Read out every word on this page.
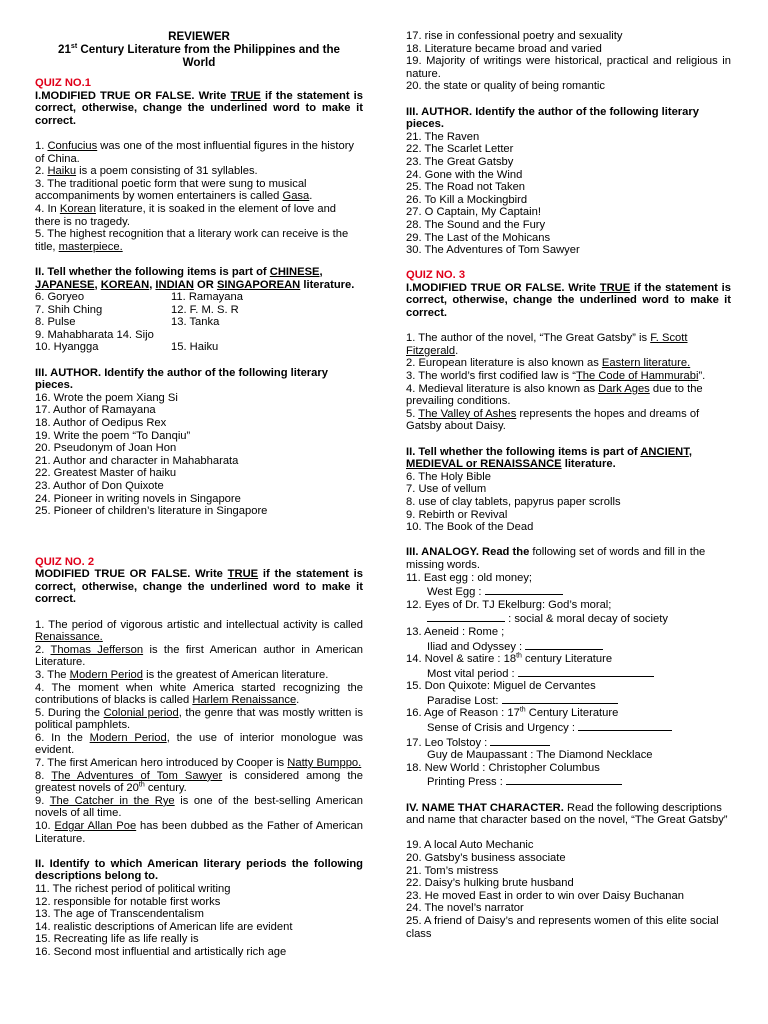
REVIEWER

21st Century Literature from the Philippines and the

World

QUIZ NO.1

I.MODIFIED TRUE OR FALSE. Write TRUE if the statement is correct, otherwise, change the underlined word to make it correct.

1. Confucius was one of the most influential figures in the history of China.

2. Haiku is a poem consisting of 31 syllables.

3. The traditional poetic form that were sung to musical accompaniments by women entertainers is called Gasa.

4. In Korean literature, it is soaked in the element of love and there is no tragedy.

5. The highest recognition that a literary work can receive is the title, masterpiece.

II. Tell whether the following items is part of CHINESE, JAPANESE, KOREAN, INDIAN OR SINGAPOREAN literature.

6. Goryeo	11. Ramayana
7. Shih Ching	12. F. M. S. R
8. Pulse	13. Tanka

9. Mahabharata 14. Sijo

10. Hyangga	15. Haiku

III. AUTHOR. Identify the author of the following literary pieces.

16. Wrote the poem Xiang Si

17. Author of Ramayana

18. Author of Oedipus Rex

19. Write the poem “To Danqiu”

20. Pseudonym of Joan Hon

21. Author and character in Mahabharata

22. Greatest Master of haiku

23. Author of Don Quixote

24. Pioneer in writing novels in Singapore

25. Pioneer of children’s literature in Singapore

QUIZ NO. 2

MODIFIED TRUE OR FALSE. Write TRUE if the statement is correct, otherwise, change the underlined word to make it correct.

1. The period of vigorous artistic and intellectual activity is called Renaissance.

2. Thomas Jefferson is the first American author in American Literature.

3. The Modern Period is the greatest of American literature.

4. The moment when white America started recognizing the contributions of blacks is called Harlem Renaissance.

5. During the Colonial period, the genre that was mostly written is political pamphlets.

6. In the Modern Period, the use of interior monologue was evident.

7. The first American hero introduced by Cooper is Natty Bumppo.

8. The Adventures of Tom Sawyer is considered among the greatest novels of 20th century.

9. The Catcher in the Rye is one of the best-selling American novels of all time.

10. Edgar Allan Poe has been dubbed as the Father of American Literature.

II. Identify to which American literary periods the following descriptions belong to.

11. The richest period of political writing

12. responsible for notable first works

13. The age of Transcendentalism

14. realistic descriptions of American life are evident

15. Recreating life as life really is

16. Second most influential and artistically rich age

17. rise in confessional poetry and sexuality

18. Literature became broad and varied

19. Majority of writings were historical, practical and religious in nature.

20. the state or quality of being romantic

III. AUTHOR. Identify the author of the following literary pieces.

21. The Raven

22. The Scarlet Letter

23. The Great Gatsby

24. Gone with the Wind

25. The Road not Taken

26. To Kill a Mockingbird

27. O Captain, My Captain!

28. The Sound and the Fury

29. The Last of the Mohicans

30. The Adventures of Tom Sawyer

QUIZ NO. 3

I.MODIFIED TRUE OR FALSE. Write TRUE if the statement is correct, otherwise, change the underlined word to make it correct.

1. The author of the novel, “The Great Gatsby” is F. Scott Fitzgerald.

2. European literature is also known as Eastern literature.

3. The world’s first codified law is “The Code of Hammurabi”.

4. Medieval literature is also known as Dark Ages due to the prevailing conditions.

5. The Valley of Ashes represents the hopes and dreams of Gatsby about Daisy.

II. Tell whether the following items is part of ANCIENT, MEDIEVAL or RENAISSANCE literature.

6. The Holy Bible

7. Use of vellum

8. use of clay tablets, papyrus paper scrolls

9. Rebirth or Revival

10. The Book of the Dead

III. ANALOGY. Read the following set of words and fill in the missing words.

11. East egg : old money;

West Egg :

12. Eyes of Dr. TJ Ekelburg: God’s moral;

: social & moral decay of society

13. Aeneid : Rome ;

Iliad and Odyssey :

14. Novel & satire : 18th century Literature

Most vital period :

15. Don Quixote: Miguel de Cervantes

Paradise Lost:

16. Age of Reason : 17th Century Literature

Sense of Crisis and Urgency :

17. Leo Tolstoy :

Guy de Maupassant : The Diamond Necklace

18. New World : Christopher Columbus

Printing Press :

IV. NAME THAT CHARACTER. Read the following descriptions and name that character based on the novel, “The Great Gatsby”

19. A local Auto Mechanic

20. Gatsby’s business associate

21. Tom’s mistress

22. Daisy’s hulking brute husband

23. He moved East in order to win over Daisy Buchanan

24. The novel’s narrator

25. A friend of Daisy’s and represents women of this elite social class
